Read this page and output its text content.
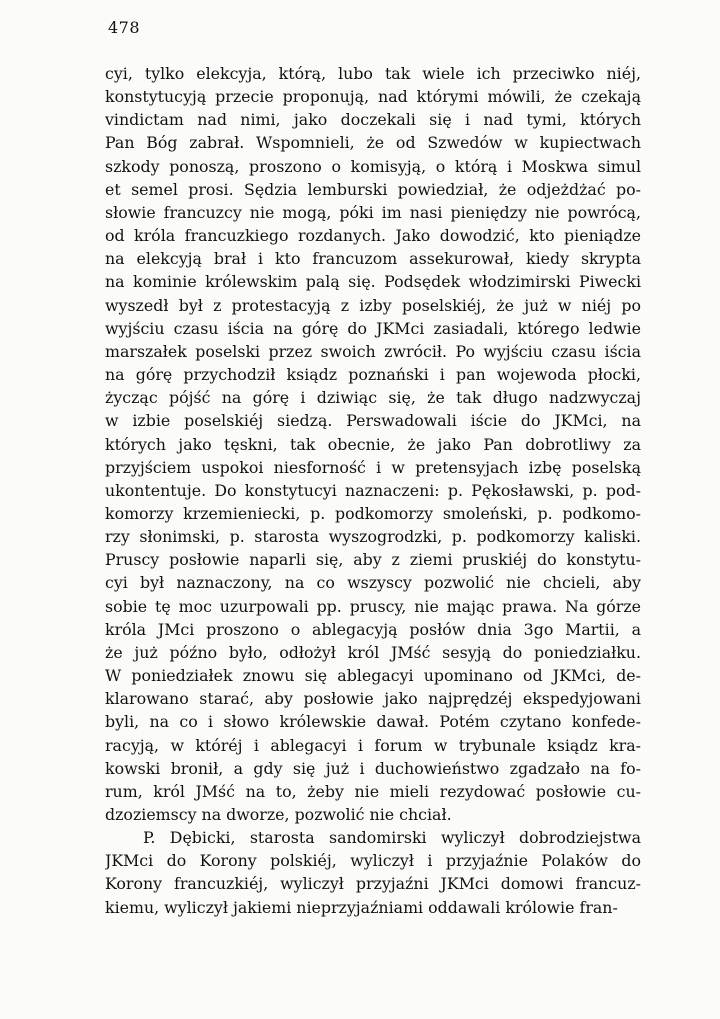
478

cyi, tylko elekcyja, którą, lubo tak wiele ich przeciwko niéj,
konstytucyją przecie proponują, nad którymi mówili, że czekają
vindictam nad nimi, jako doczekali się i nad tymi, których
Pan Bóg zabrał. Wspomnieli, że od Szwedów w kupiectwach
szkody ponoszą, proszono o komisyją, o którą i Moskwa simul
et semel prosi. Sędzia lemburski powiedział, że odjeżdżać po-
słowie francuzcy nie mogą, póki im nasi pieniędzy nie powrócą,
od króla francuzkiego rozdanych. Jako dowodzić, kto pieniądze
na elekcyją brał i kto francuzom assekurował, kiedy skrypta
na kominie królewskim palą się. Podsędek włodzimirski Piwecki
wyszedł był z protestacyją z izby poselskiéj, że już w niéj po
wyjściu czasu iścia na górę do JKMci zasiadali, którego ledwie
marszałek poselski przez swoich zwrócił. Po wyjściu czasu iścia
na górę przychodził ksiądz poznański i pan wojewoda płocki,
życząc pójść na górę i dziwiąc się, że tak długo nadzwyczaj
w izbie poselskiéj siedzą. Perswadowali iście do JKMci, na
których jako tęskni, tak obecnie, że jako Pan dobrotliwy za
przyjściem uspokoi niesforność i w pretensyjach izbę poselską
ukontentuje. Do konstytucyi naznaczeni: p. Pękosławski, p. pod-
komorzy krzemieniecki, p. podkomorzy smoleński, p. podkomo-
rzy słonimski, p. starosta wyszogrodzki, p. podkomorzy kaliski.
Pruscy posłowie naparli się, aby z ziemi pruskiéj do konstytu-
cyi był naznaczony, na co wszyscy pozwolić nie chcieli, aby
sobie tę moc uzurpowali pp. pruscy, nie mając prawa. Na górze
króla JMci proszono o ablegacyją posłów dnia 3go Martii, a
że już późno było, odłożył król JMść sesyją do poniedziałku.
W poniedziałek znowu się ablegacyi upominano od JKMci, de-
klarowano starać, aby posłowie jako najprędzéj ekspedyjowani
byli, na co i słowo królewskie dawał. Potém czytano konfede-
racyją, w któréj i ablegacyi i forum w trybunale ksiądz kra-
kowski bronił, a gdy się już i duchowieństwo zgadzało na fo-
rum, król JMść na to, żeby nie mieli rezydować posłowie cu-
dzoziemscy na dworze, pozwolić nie chciał.
P. Dębicki, starosta sandomirski wyliczył dobrodziejstwa
JKMci do Korony polskiéj, wyliczył i przyjaźnie Polaków do
Korony francuzkiéj, wyliczył przyjaźni JKMci domowi francuz-
kiemu, wyliczył jakiemi nieprzyjaźniami oddawali królowie fran-
